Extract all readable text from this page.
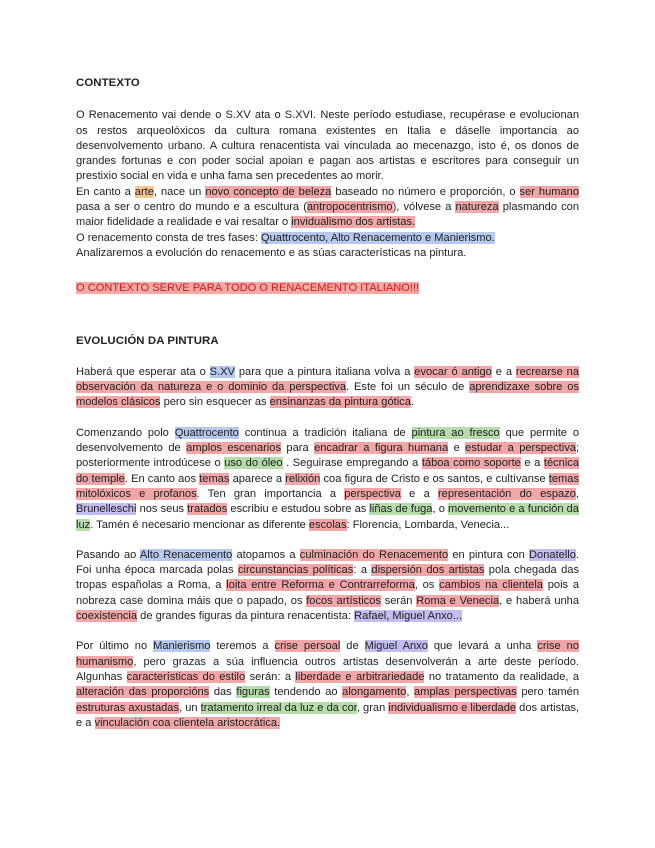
CONTEXTO

O Renacemento vai dende o S.XV ata o S.XVI. Neste período estudiase, recupérase e evolucionan os restos arqueolóxicos da cultura romana existentes en Italia e dáselle importancia ao desenvolvemento urbano. A cultura renacentista vai vinculada ao mecenazgo, isto é, os donos de grandes fortunas e con poder social apoian e pagan aos artistas e escritores para conseguir un prestixio social en vida e unha fama sen precedentes ao morir.

En canto a arte, nace un novo concepto de beleza baseado no número e proporción, o ser humano pasa a ser o centro do mundo e a escultura (antropocentrismo), vólvese a natureza plasmando con maior fidelidade a realidade e vai resaltar o invidualismo dos artistas.

O renacemento consta de tres fases: Quattrocento, Alto Renacemento e Manierismo.

Analizaremos a evolución do renacemento e as súas características na pintura.

O CONTEXTO SERVE PARA TODO O RENACEMENTO ITALIANO!!!

EVOLUCIÓN DA PINTURA

Haberá que esperar ata o S.XV para que a pintura italiana volva a evocar ó antigo e a recrearse na observación da natureza e o dominio da perspectiva. Este foi un século de aprendizaxe sobre os modelos clásicos pero sin esquecer as ensinanzas da pintura gótica.

Comenzando polo Quattrocento continua a tradición italiana de pintura ao fresco que permite o desenvolvemento de amplos escenarios para encadrar a figura humana e estudar a perspectiva; posteriormente introdúcese o uso do óleo . Seguirase empregando a táboa como soporte e a técnica do temple. En canto aos temas aparece a relixión coa figura de Cristo e os santos, e cultívanse temas mitolóxicos e profanos. Ten gran importancia a perspectiva e a representación do espazo, Brunelleschi nos seus tratados escribiu e estudou sobre as liñas de fuga, o movemento e a función da luz. Tamén é necesario mencionar as diferente escolas: Florencia, Lombarda, Venecia...

Pasando ao Alto Renacemento atopamos a culminación do Renacemento en pintura con Donatello. Foi unha época marcada polas circunstancias políticas: a dispersión dos artistas pola chegada das tropas españolas a Roma, a loita entre Reforma e Contrarreforma, os cambios na clientela pois a nobreza case domina máis que o papado, os focos artísticos serán Roma e Venecia, e haberá unha coexistencia de grandes figuras da pintura renacentista: Rafael, Miguel Anxo...

Por último no Manierismo teremos a crise persoal de Miguel Anxo que levará a unha crise no humanismo, pero grazas a súa influencia outros artistas desenvolverán a arte deste período. Algunhas características do estilo serán: a liberdade e arbitrariedade no tratamento da realidade, a alteración das proporcións das figuras tendendo ao alongamento, amplas perspectivas pero tamén estruturas axustadas, un tratamento irreal da luz e da cor, gran individualismo e liberdade dos artistas, e a vinculación coa clientela aristocrática.
